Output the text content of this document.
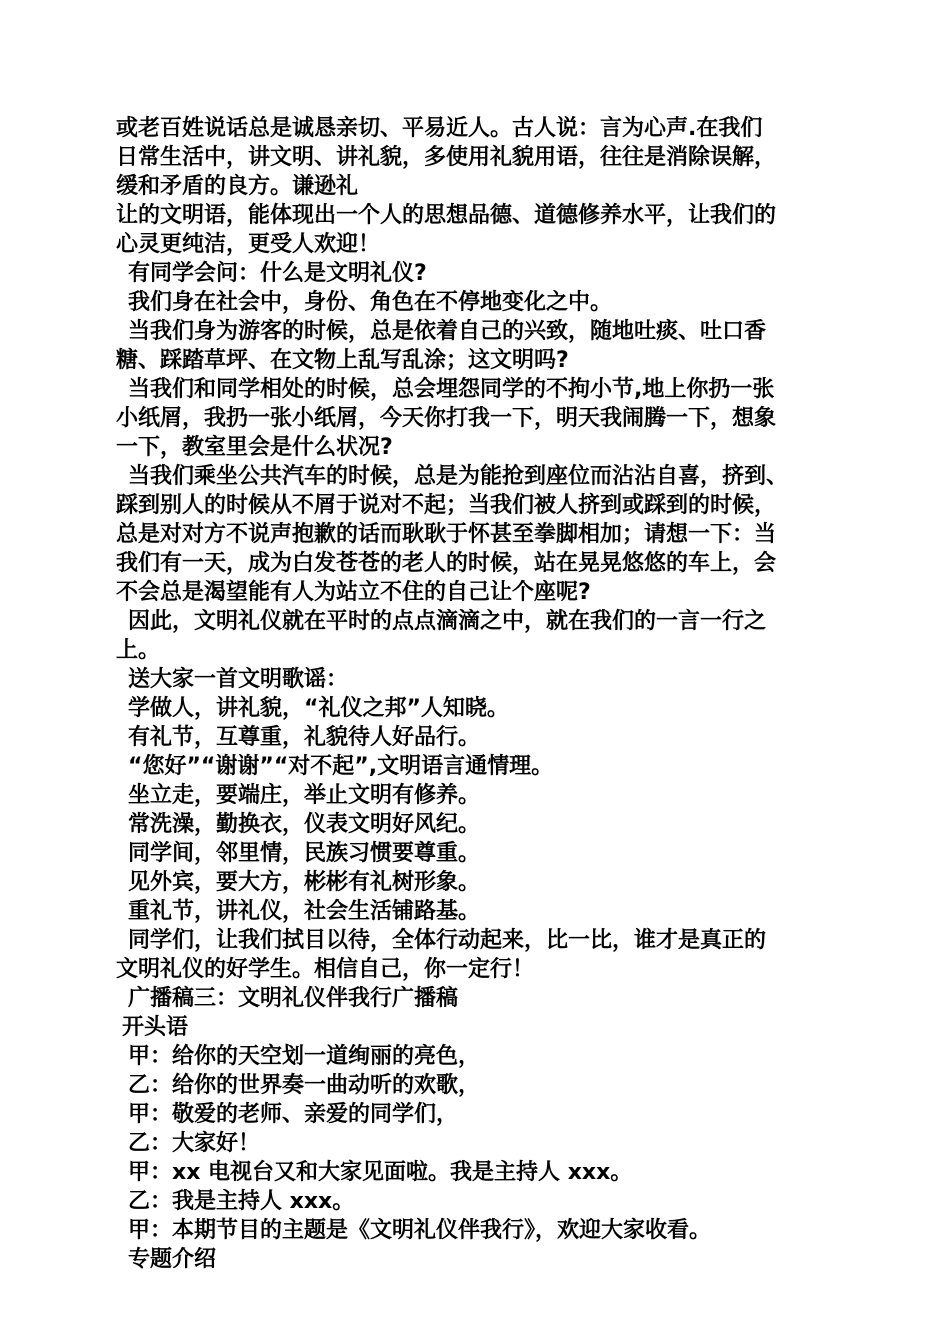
或老百姓说话总是诚恳亲切、平易近人。古人说：言为心声.在我们
日常生活中，讲文明、讲礼貌，多使用礼貌用语，往往是消除误解，
缓和矛盾的良方。谦逊礼
让的文明语，能体现出一个人的思想品德、道德修养水平，让我们的
心灵更纯洁，更受人欢迎！
有同学会问：什么是文明礼仪?
我们身在社会中，身份、角色在不停地变化之中。
当我们身为游客的时候，总是依着自己的兴致，随地吐痰、吐口香
糖、踩踏草坪、在文物上乱写乱涂；这文明吗?
当我们和同学相处的时候，总会埋怨同学的不拘小节,地上你扔一张
小纸屑，我扔一张小纸屑，今天你打我一下，明天我闹腾一下，想象
一下，教室里会是什么状况?
当我们乘坐公共汽车的时候，总是为能抢到座位而沾沾自喜，挤到、
踩到别人的时候从不屑于说对不起；当我们被人挤到或踩到的时候，
总是对对方不说声抱歉的话而耿耿于怀甚至拳脚相加；请想一下：当
我们有一天，成为白发苍苍的老人的时候，站在晃晃悠悠的车上，会
不会总是渴望能有人为站立不住的自己让个座呢?
因此，文明礼仪就在平时的点点滴滴之中，就在我们的一言一行之
上。
送大家一首文明歌谣：
学做人，讲礼貌，“礼仪之邦”人知晓。
有礼节，互尊重，礼貌待人好品行。
“您好”“谢谢”“对不起”,文明语言通情理。
坐立走，要端庄，举止文明有修养。
常洗澡，勤换衣，仪表文明好风纪。
同学间，邻里情，民族习惯要尊重。
见外宾，要大方，彬彬有礼树形象。
重礼节，讲礼仪，社会生活铺路基。
同学们，让我们拭目以待，全体行动起来，比一比，谁才是真正的
文明礼仪的好学生。相信自己，你一定行！
广播稿三：文明礼仪伴我行广播稿
开头语
甲：给你的天空划一道绚丽的亮色，
乙：给你的世界奏一曲动听的欢歌，
甲：敬爱的老师、亲爱的同学们，
乙：大家好！
甲：xx 电视台又和大家见面啦。我是主持人 xxx。
乙：我是主持人 xxx。
甲：本期节目的主题是《文明礼仪伴我行》，欢迎大家收看。
专题介绍
